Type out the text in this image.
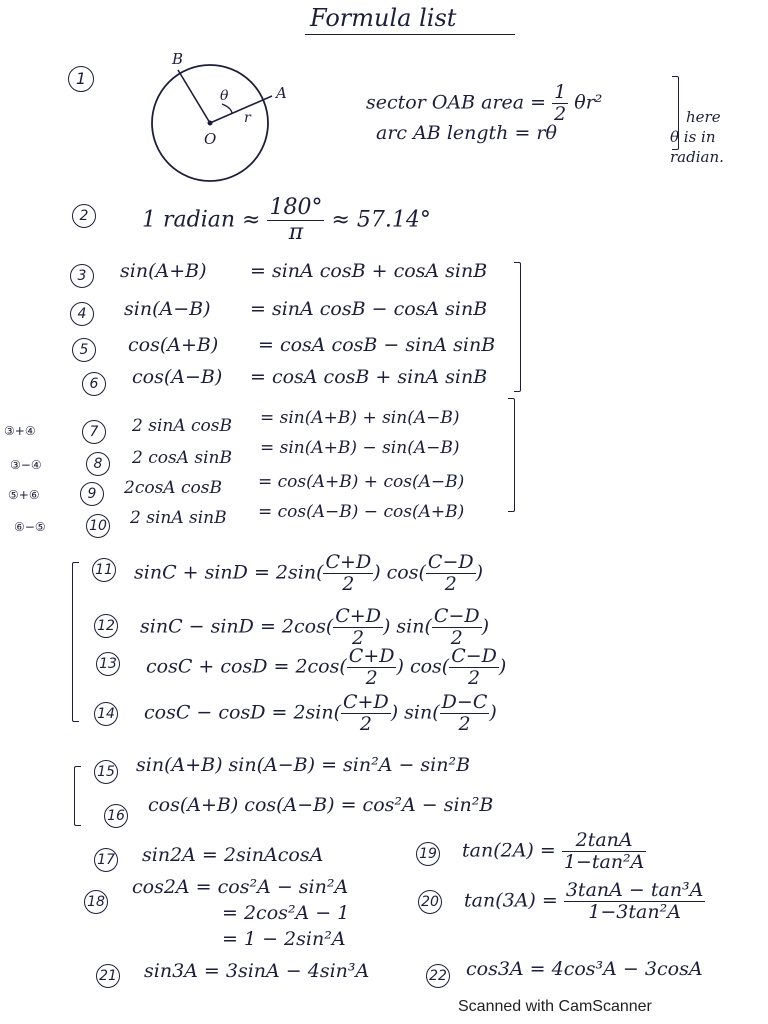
Formula list
1
B
A
O
θ
r
sector OAB area = $\frac{1}{2} \theta r^2$
arc AB length = rθ
here
θ is in
radian.
2	1 radian ≈ $\frac{180^\circ}{\pi} \approx 57.14^\circ$
3	sin(A+B) = sinA cosB + cosA sinB
4	sin(A−B) = sinA cosB − cosA sinB
5	cos(A+B) = cosA cosB − sinA sinB
6	cos(A−B) = cosA cosB + sinA sinB
③+④	7	2 sinA cosB = sin(A+B) + sin(A−B)
③−④	8	2 cosA sinB = sin(A+B) − sin(A−B)
⑤+⑥	9	2cosA cosB = cos(A+B) + cos(A−B)
⑥−⑤	10 2 sinA sinB = cos(A−B) − cos(A+B)
11 $\sin C + \sin D = 2\sin( \frac{C+D}{2}$ ) $\cos( \frac{C-D}{2}$ )
12 $\sin C - \sin D = 2\cos( \frac{C+D}{2}$ ) $\sin( \frac{C-D}{2}$ )
13 $\cos C + \cos D = 2\cos( \frac{C+D}{2}$ ) $\cos( \frac{C-D}{2}$ )
14 $\cos C - \cos D = 2\sin( \frac{C+D}{2}$ ) $\sin( \frac{D-C}{2}$ )
15 sin(A+B) sin(A−B) = sin²A − sin²B
16 cos(A+B) cos(A−B) = cos²A − sin²B
17 sin2A = 2sinAcosA
18
cos2A = cos²A − sin²A
= 2cos²A − 1
= 1 − 2sin²A
19 $\tan(2A) = \frac{2\tan A}{\text{1−tan²A}}$
20 $\tan(3A) = \frac{\text{3tanA − tan³A}}{\text{1−3tan²A}}$
21 sin3A = 3sinA − 4sin³A	22 cos3A = 4cos³A − 3cosA
Scanned with CamScanner
